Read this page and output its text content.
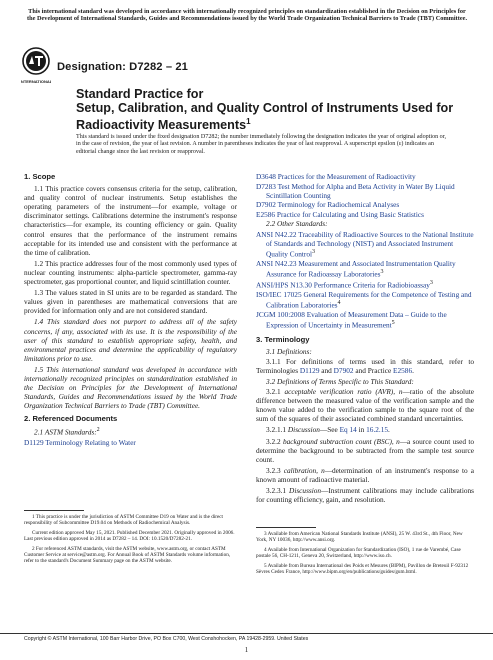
This international standard was developed in accordance with internationally recognized principles on standardization established in the Decision on Principles for the Development of International Standards, Guides and Recommendations issued by the World Trade Organization Technical Barriers to Trade (TBT) Committee.
INTERNATIONAL
Designation: D7282 – 21
Standard Practice for
Setup, Calibration, and Quality Control of Instruments Used for Radioactivity Measurements$^1$
This standard is issued under the fixed designation D7282; the number immediately following the designation indicates the year of original adoption or, in the case of revision, the year of last revision. A number in parentheses indicates the year of last reapproval. A superscript epsilon (ε) indicates an editorial change since the last revision or reapproval.
1. Scope
1.1 This practice covers consensus criteria for the setup, calibration, and quality control of nuclear instruments. Setup establishes the operating parameters of the instrument—for example, voltage or discriminator settings. Calibrations determine the instrument's response characteristics—for example, its counting efficiency or gain. Quality control ensures that the performance of the instrument remains acceptable for its intended use and consistent with the performance at the time of calibration.
1.2 This practice addresses four of the most commonly used types of nuclear counting instruments: alpha-particle spectrometer, gamma-ray spectrometer, gas proportional counter, and liquid scintillation counter.
1.3 The values stated in SI units are to be regarded as standard. The values given in parentheses are mathematical conversions that are provided for information only and are not considered standard.
1.4 This standard does not purport to address all of the safety concerns, if any, associated with its use. It is the responsibility of the user of this standard to establish appropriate safety, health, and environmental practices and determine the applicability of regulatory limitations prior to use.
1.5 This international standard was developed in accordance with internationally recognized principles on standardization established in the Decision on Principles for the Development of International Standards, Guides and Recommendations issued by the World Trade Organization Technical Barriers to Trade (TBT) Committee.
2. Referenced Documents
2.1 ASTM Standards:$^2$
D1129 Terminology Relating to Water
1 This practice is under the jurisdiction of ASTM Committee D19 on Water and is the direct responsibility of Subcommittee D19.04 on Methods of Radiochemical Analysis.
Current edition approved May 15, 2021. Published December 2021. Originally approved in 2006. Last previous edition approved in 2014 as D7282 – 14. DOI: 10.1520/D7282-21.
2 For referenced ASTM standards, visit the ASTM website, www.astm.org, or contact ASTM Customer Service at service@astm.org. For Annual Book of ASTM Standards volume information, refer to the standard's Document Summary page on the ASTM website.
D3648 Practices for the Measurement of Radioactivity
D7283 Test Method for Alpha and Beta Activity in Water By Liquid Scintillation Counting
D7902 Terminology for Radiochemical Analyses
E2586 Practice for Calculating and Using Basic Statistics
2.2 Other Standards:
ANSI N42.22 Traceability of Radioactive Sources to the National Institute of Standards and Technology (NIST) and Associated Instrument Quality Control$^3$
ANSI N42.23 Measurement and Associated Instrumentation Quality Assurance for Radioassay Laboratories$^3$
ANSI/HPS N13.30 Performance Criteria for Radiobioassay$^3$
ISO/IEC 17025 General Requirements for the Competence of Testing and Calibration Laboratories$^4$
JCGM 100:2008 Evaluation of Measurement Data – Guide to the Expression of Uncertainty in Measurement$^5$
3. Terminology
3.1 Definitions:
3.1.1 For definitions of terms used in this standard, refer to Terminologies D1129 and D7902 and Practice E2586.
3.2 Definitions of Terms Specific to This Standard:
3.2.1 acceptable verification ratio (AVR), n—ratio of the absolute difference between the measured value of the verification sample and the known value added to the verification sample to the square root of the sum of the squares of their associated combined standard uncertainties.
3.2.1.1 Discussion—See Eq 14 in 16.2.15.
3.2.2 background subtraction count (BSC), n—a source count used to determine the background to be subtracted from the sample test source count.
3.2.3 calibration, n—determination of an instrument's response to a known amount of radioactive material.
3.2.3.1 Discussion—Instrument calibrations may include calibrations for counting efficiency, gain, and resolution.
3 Available from American National Standards Institute (ANSI), 25 W. 43rd St., 4th Floor, New York, NY 10036, http://www.ansi.org.
4 Available from International Organization for Standardization (ISO), 1 rue de Varembé, Case postale 56, CH-1211, Geneva 20, Switzerland, http://www.iso.ch.
5 Available from Bureau International des Poids et Mesures (BIPM), Pavillon de Breteuil F-92312 Sèvres Cedex France, http://www.bipm.org/en/publications/guides/gum.html.
Copyright © ASTM International, 100 Barr Harbor Drive, PO Box C700, West Conshohocken, PA 19428-2959. United States
1
